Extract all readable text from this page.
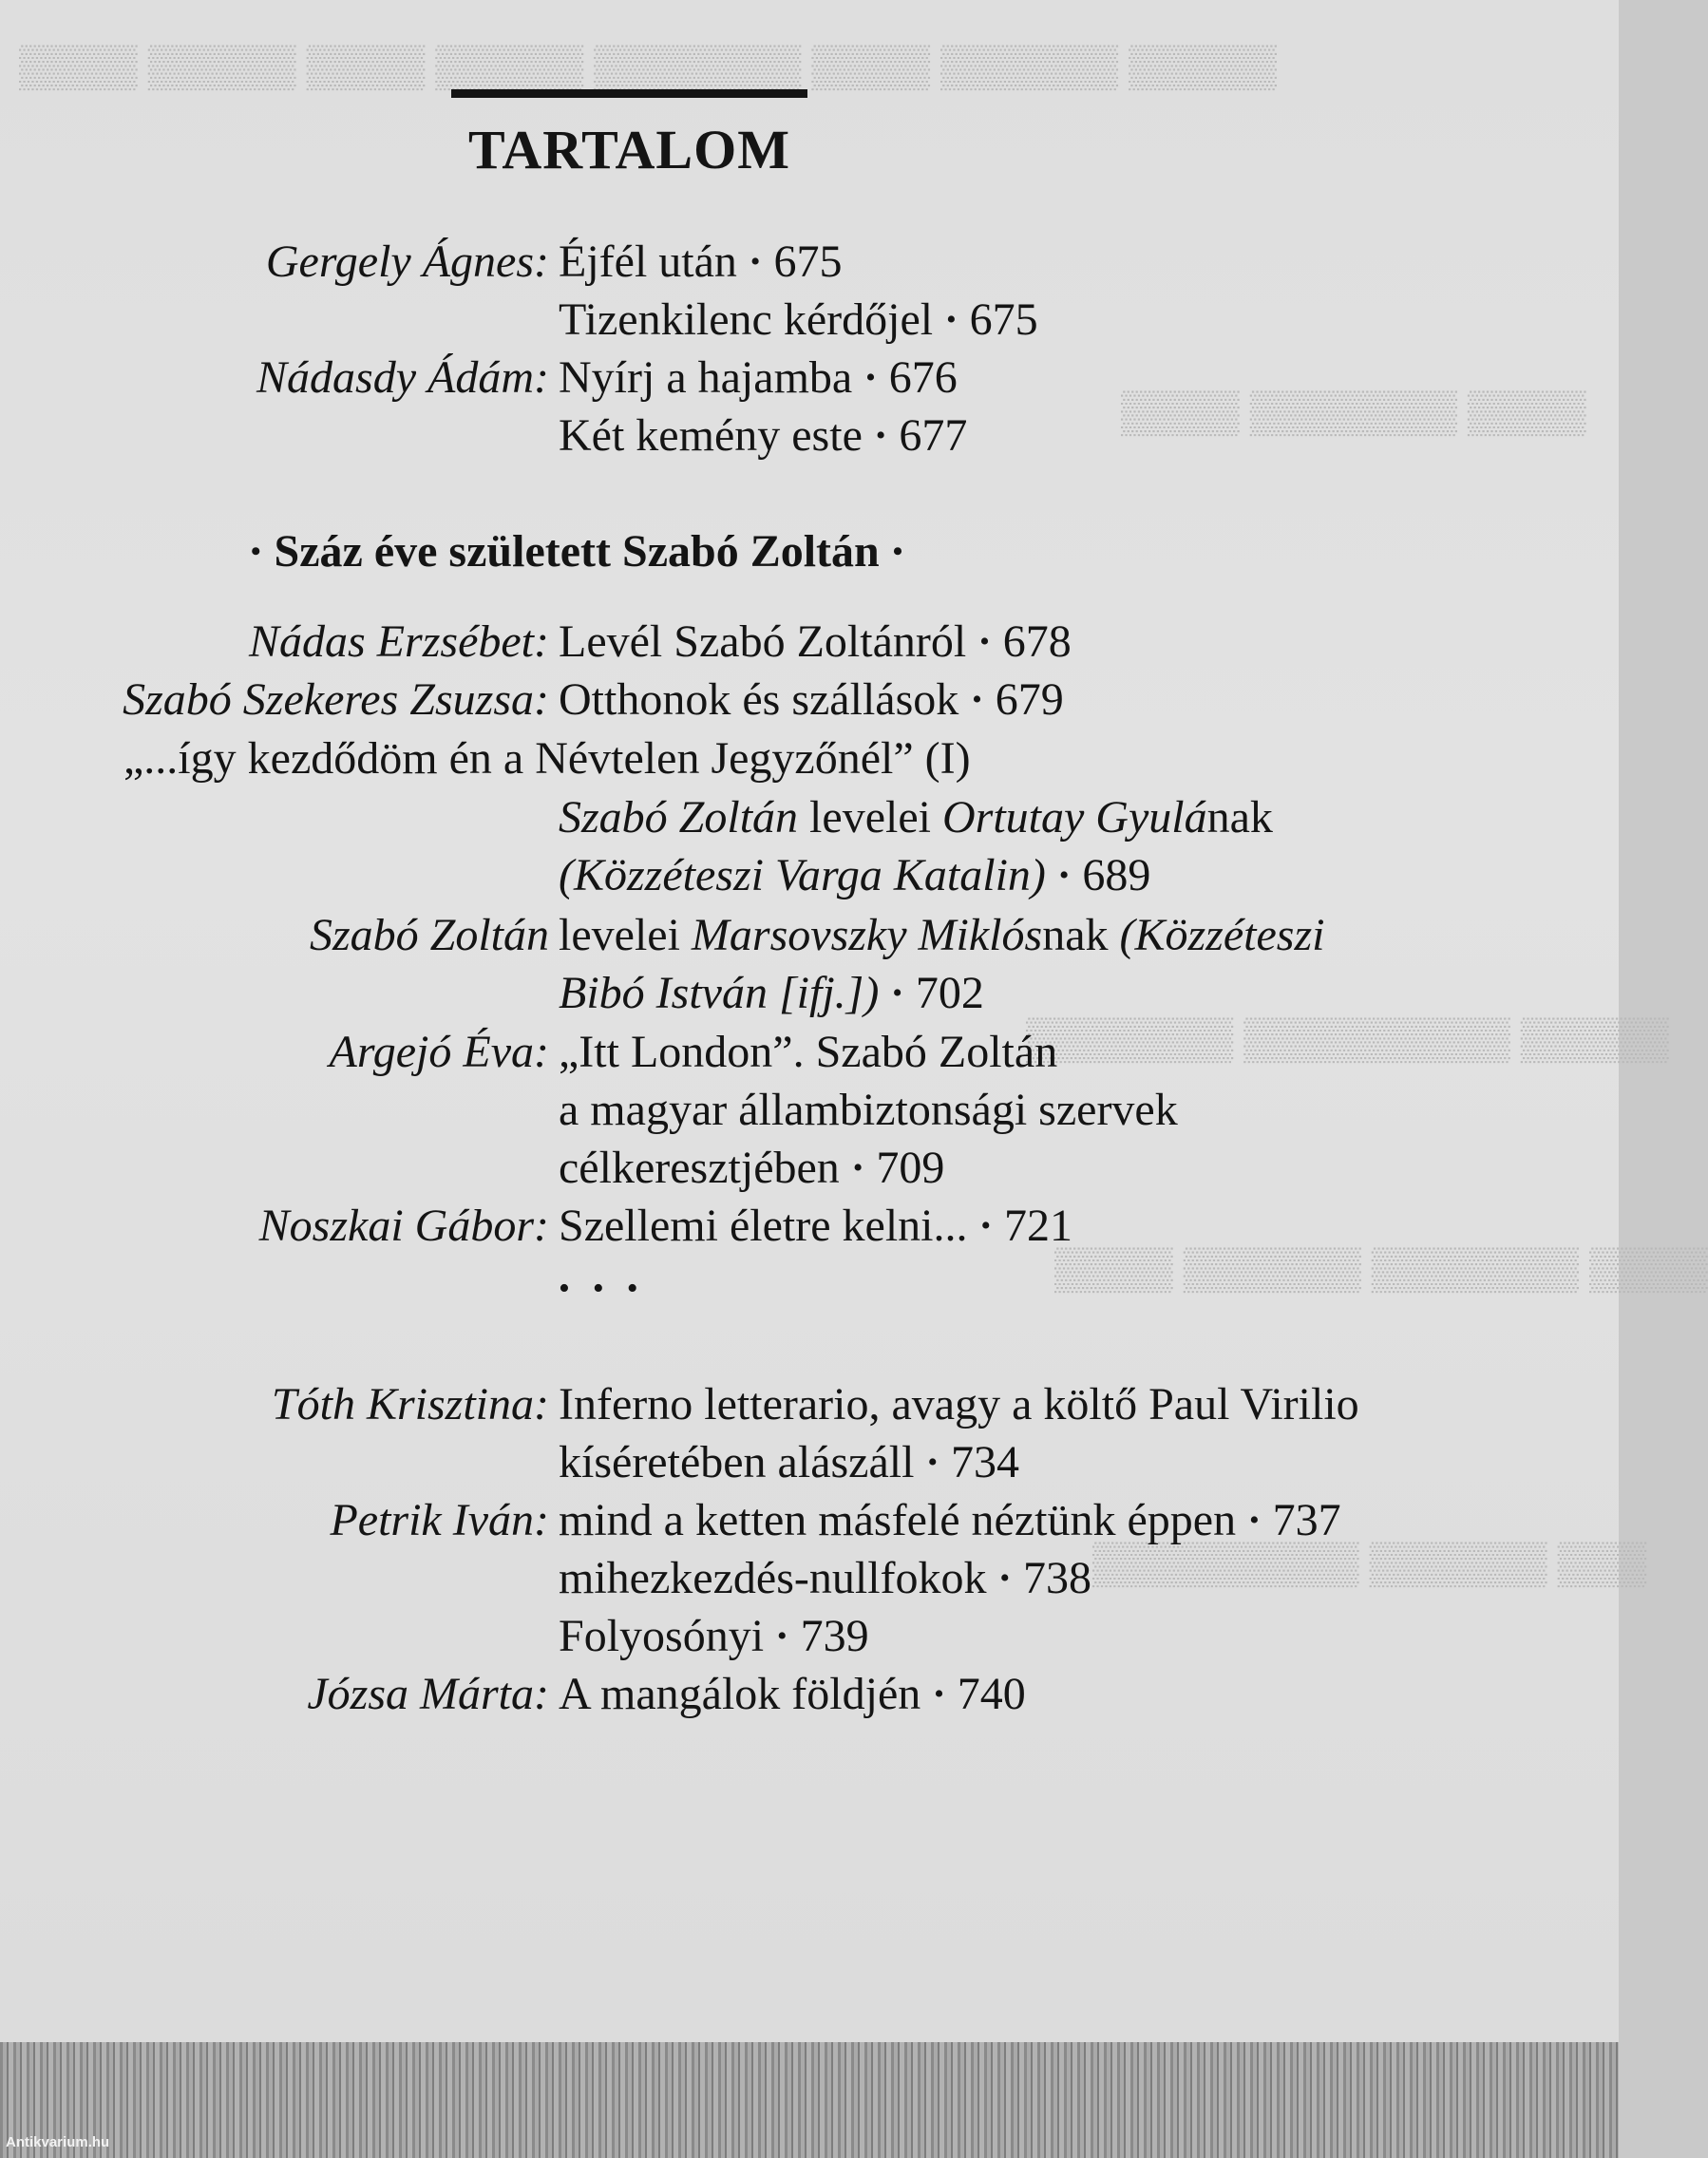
▒▒▒▒ ▒▒▒▒▒ ▒▒▒▒ ▒▒▒▒▒ ▒▒▒▒▒▒▒ ▒▒▒▒ ▒▒▒▒▒▒ ▒▒▒▒▒
▒▒▒▒ ▒▒▒▒▒▒▒ ▒▒▒▒
▒▒▒▒▒▒▒ ▒▒▒▒▒▒▒▒▒ ▒▒▒▒▒
▒▒▒▒ ▒▒▒▒▒▒ ▒▒▒▒▒▒▒ ▒▒▒▒
▒▒▒▒▒▒▒▒▒ ▒▒▒▒▒▒ ▒▒▒
Antikvarium.hu
TARTALOM
Gergely Ágnes: Éjfél után • 675
Tizenkilenc kérdőjel • 675
Nádasdy Ádám: Nyírj a hajamba • 676
Két kemény este • 677
• Száz éve született Szabó Zoltán •
Nádas Erzsébet: Levél Szabó Zoltánról • 678
Szabó Szekeres Zsuzsa: Otthonok és szállások • 679
„...így kezdődöm én a Névtelen Jegyzőnél” (I)
Szabó Zoltán levelei Ortutay Gyulának
(Közzéteszi Varga Katalin) • 689
Szabó Zoltán levelei Marsovszky Miklósnak (Közzéteszi
Bibó István [ifj.]) • 702
Argejó Éva: „Itt London”. Szabó Zoltán
a magyar állambiztonsági szervek
célkeresztjében • 709
Noszkai Gábor: Szellemi életre kelni... • 721
•••
Tóth Krisztina: Inferno letterario, avagy a költő Paul Virilio
kíséretében alászáll • 734
Petrik Iván: mind a ketten másfelé néztünk éppen • 737
mihezkezdés-nullfokok • 738
Folyosónyi • 739
Józsa Márta: A mangálok földjén • 740
